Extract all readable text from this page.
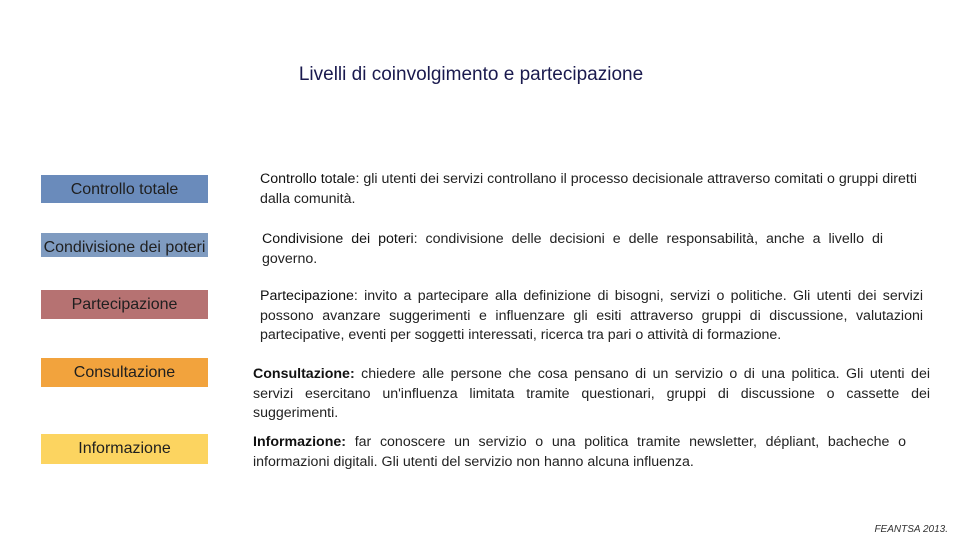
Livelli di coinvolgimento e partecipazione
Controllo totale
Condivisione dei poteri
Partecipazione
Consultazione
Informazione
Controllo totale: gli utenti dei servizi controllano il processo decisionale attraverso comitati o gruppi diretti dalla comunità.
Condivisione dei poteri: condivisione delle decisioni e delle responsabilità, anche a livello di governo.
Partecipazione: invito a partecipare alla definizione di bisogni, servizi o politiche. Gli utenti dei servizi possono avanzare suggerimenti e influenzare gli esiti attraverso gruppi di discussione, valutazioni partecipative, eventi per soggetti interessati, ricerca tra pari o attività di formazione.
Consultazione: chiedere alle persone che cosa pensano di un servizio o di una politica. Gli utenti dei servizi esercitano un'influenza limitata tramite questionari, gruppi di discussione o cassette dei suggerimenti.
Informazione: far conoscere un servizio o una politica tramite newsletter, dépliant, bacheche o informazioni digitali. Gli utenti del servizio non hanno alcuna influenza.
FEANTSA 2013.
